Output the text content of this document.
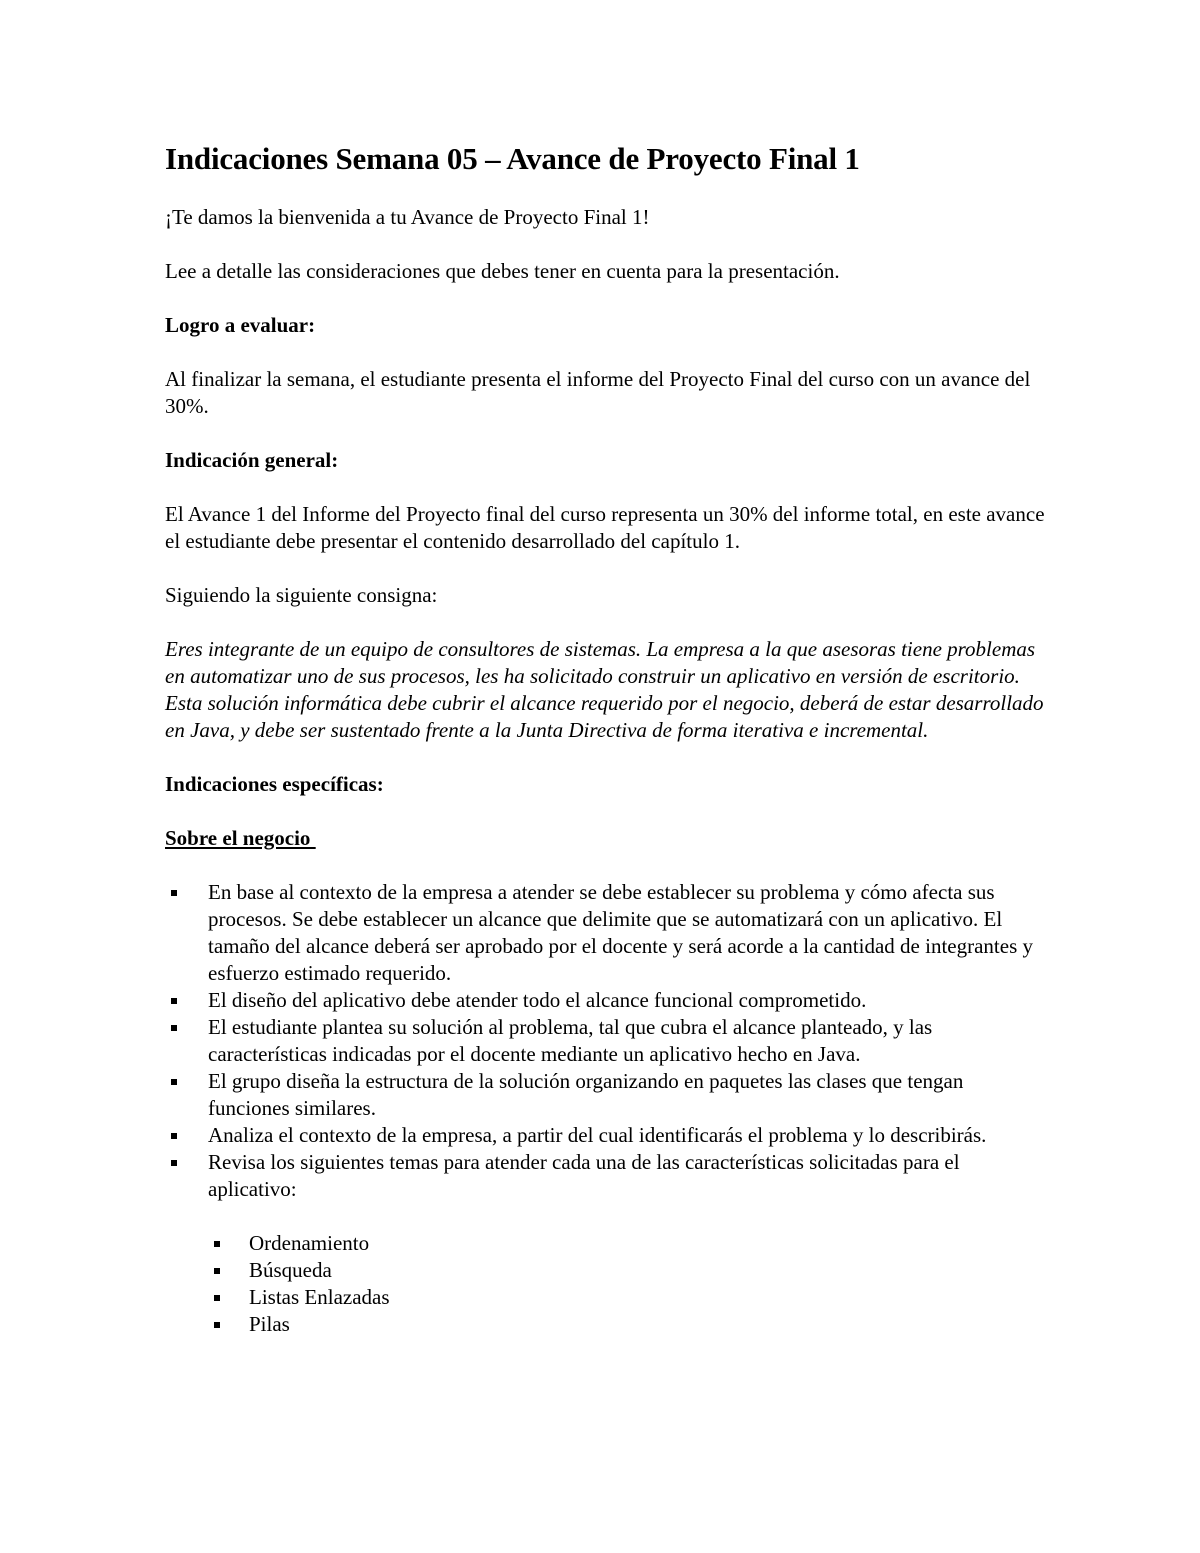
Indicaciones Semana 05 – Avance de Proyecto Final 1

¡Te damos la bienvenida a tu Avance de Proyecto Final 1!

Lee a detalle las consideraciones que debes tener en cuenta para la presentación.

Logro a evaluar:

Al finalizar la semana, el estudiante presenta el informe del Proyecto Final del curso con un avance del 30%.

Indicación general:

El Avance 1 del Informe del Proyecto final del curso representa un 30% del informe total, en este avance el estudiante debe presentar el contenido desarrollado del capítulo 1.

Siguiendo la siguiente consigna:

Eres integrante de un equipo de consultores de sistemas. La empresa a la que asesoras tiene problemas en automatizar uno de sus procesos, les ha solicitado construir un aplicativo en versión de escritorio. Esta solución informática debe cubrir el alcance requerido por el negocio, deberá de estar desarrollado en Java, y debe ser sustentado frente a la Junta Directiva de forma iterativa e incremental.

Indicaciones específicas:

Sobre el negocio

En base al contexto de la empresa a atender se debe establecer su problema y cómo afecta sus procesos. Se debe establecer un alcance que delimite que se automatizará con un aplicativo. El tamaño del alcance deberá ser aprobado por el docente y será acorde a la cantidad de integrantes y esfuerzo estimado requerido.
El diseño del aplicativo debe atender todo el alcance funcional comprometido.
El estudiante plantea su solución al problema, tal que cubra el alcance planteado, y las características indicadas por el docente mediante un aplicativo hecho en Java.
El grupo diseña la estructura de la solución organizando en paquetes las clases que tengan funciones similares.
Analiza el contexto de la empresa, a partir del cual identificarás el problema y lo describirás.
Revisa los siguientes temas para atender cada una de las características solicitadas para el aplicativo:
Ordenamiento
Búsqueda
Listas Enlazadas
Pilas
